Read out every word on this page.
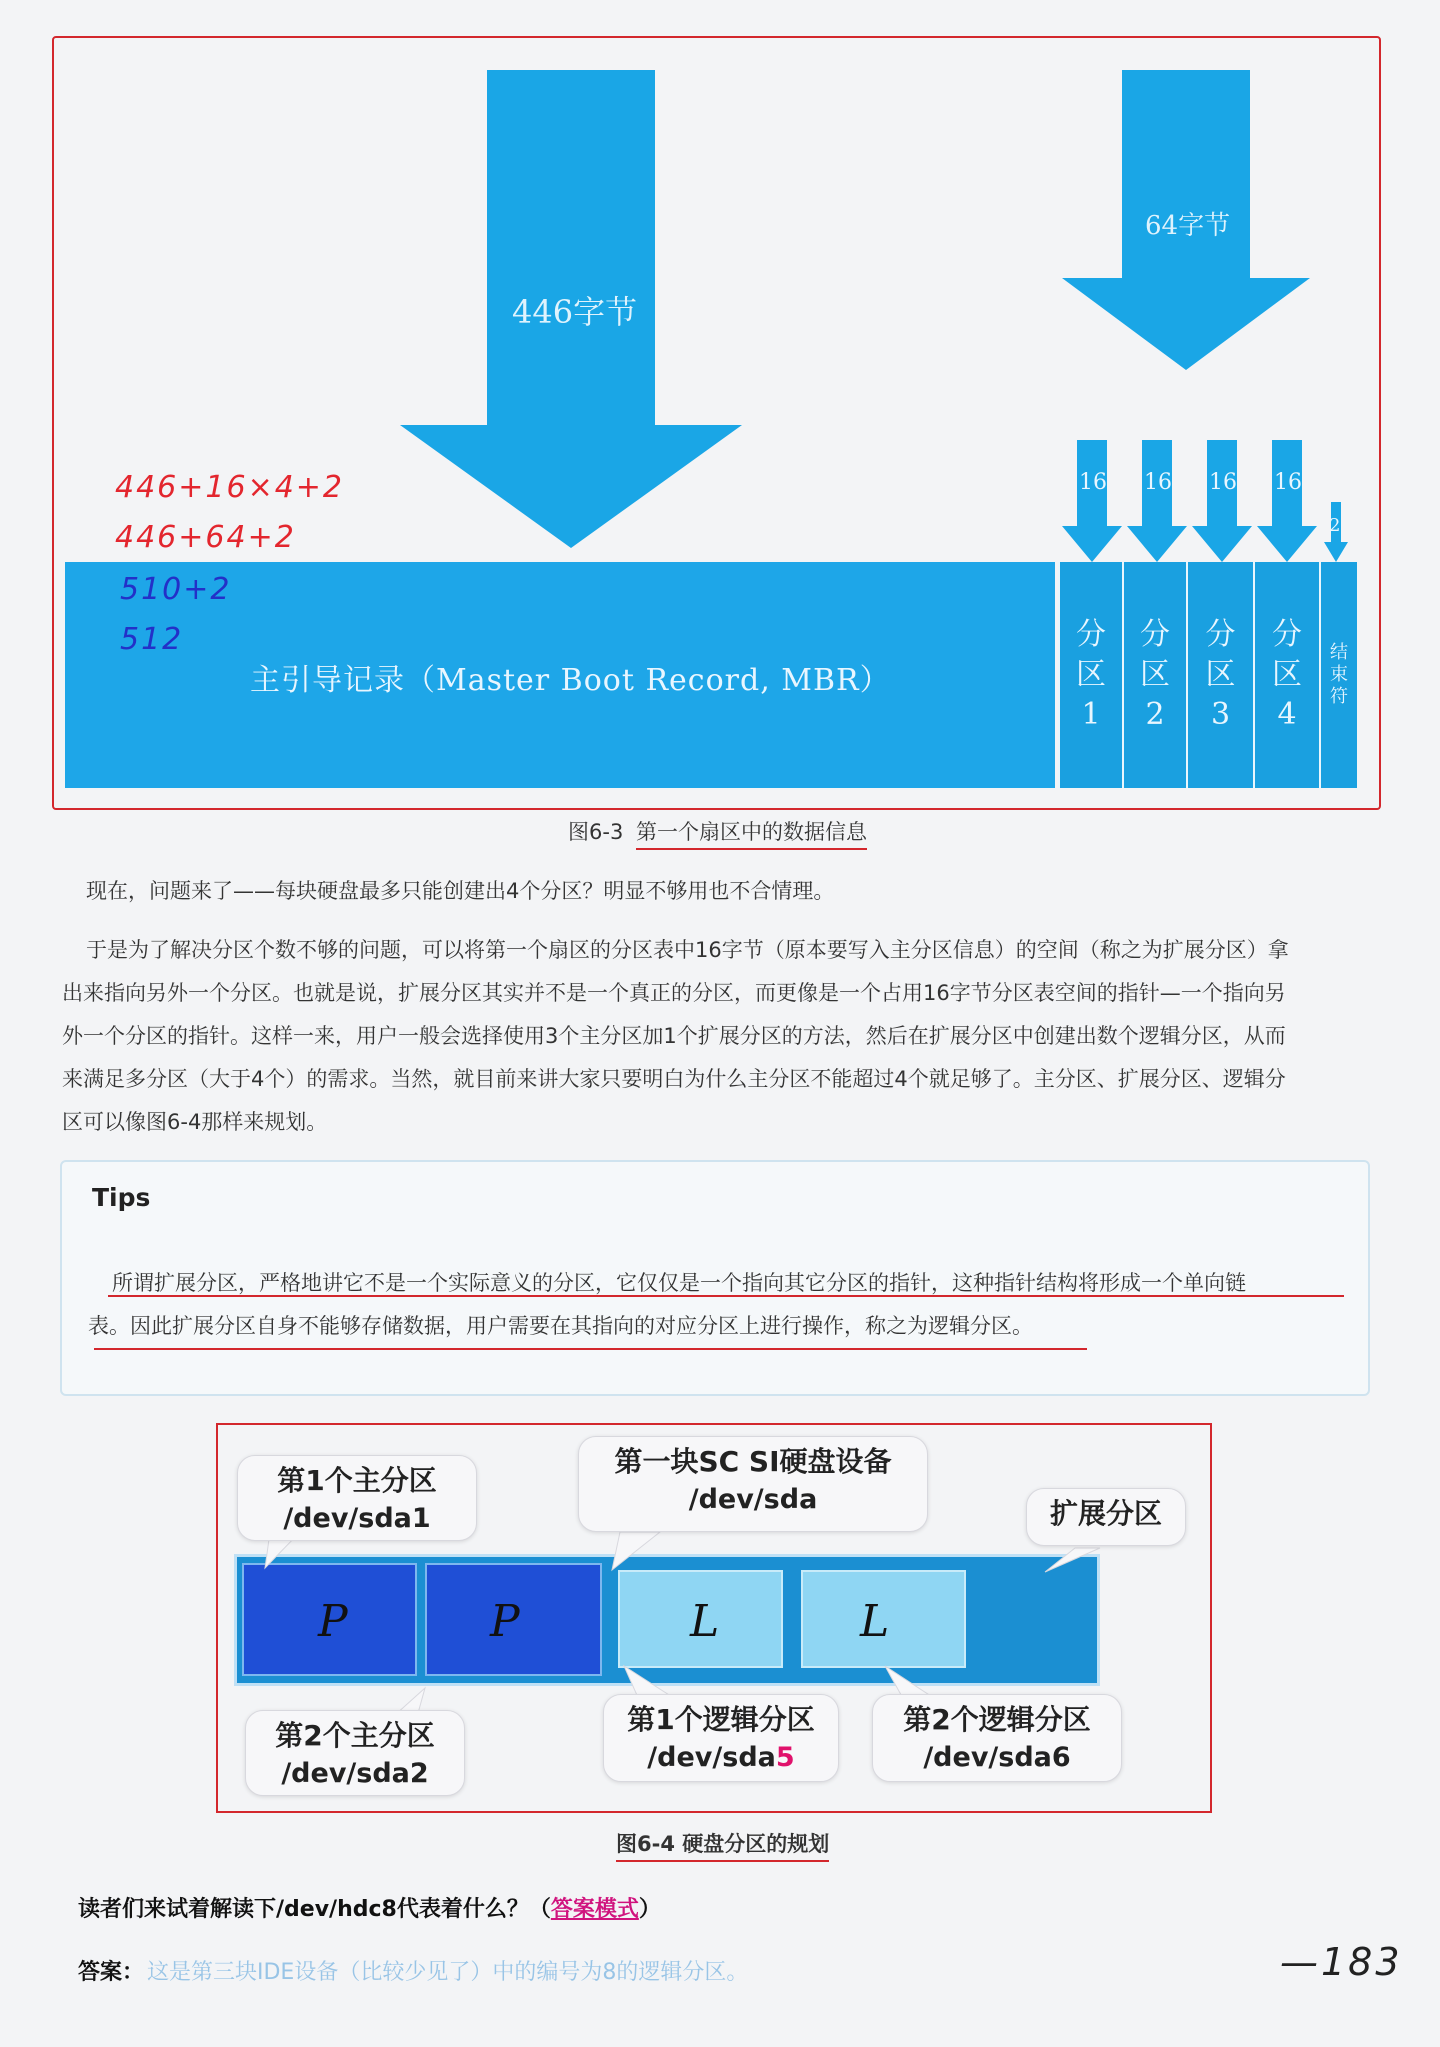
446字节
64字节
16 16 16 16
2
主引导记录（Master Boot Record, MBR）
分
区
1
分
区
2
分
区
3
分
区
4
结
束
符
446+16×4+2
446+64+2
510+2
512
图6-3 第一个扇区中的数据信息
现在，问题来了——每块硬盘最多只能创建出4个分区？明显不够用也不合情理。
于是为了解决分区个数不够的问题，可以将第一个扇区的分区表中16字节（原本要写入主分区信息）的空间（称之为扩展分区）拿
出来指向另外一个分区。也就是说，扩展分区其实并不是一个真正的分区，而更像是一个占用16字节分区表空间的指针—一个指向另
外一个分区的指针。这样一来，用户一般会选择使用3个主分区加1个扩展分区的方法，然后在扩展分区中创建出数个逻辑分区，从而
来满足多分区（大于4个）的需求。当然，就目前来讲大家只要明白为什么主分区不能超过4个就足够了。主分区、扩展分区、逻辑分
区可以像图6-4那样来规划。
Tips
所谓扩展分区，严格地讲它不是一个实际意义的分区，它仅仅是一个指向其它分区的指针，这种指针结构将形成一个单向链
表。因此扩展分区自身不能够存储数据，用户需要在其指向的对应分区上进行操作，称之为逻辑分区。
P	P	L	L
第1个主分区
/dev/sda1
第一块SC SI硬盘设备
/dev/sda	扩展分区
第2个主分区
/dev/sda2
第1个逻辑分区
/dev/sda5
第2个逻辑分区
/dev/sda6
图6-4 硬盘分区的规划
读者们来试着解读下/dev/hdc8代表着什么？（答案模式）
答案： 这是第三块IDE设备（比较少见了）中的编号为8的逻辑分区。	—183
